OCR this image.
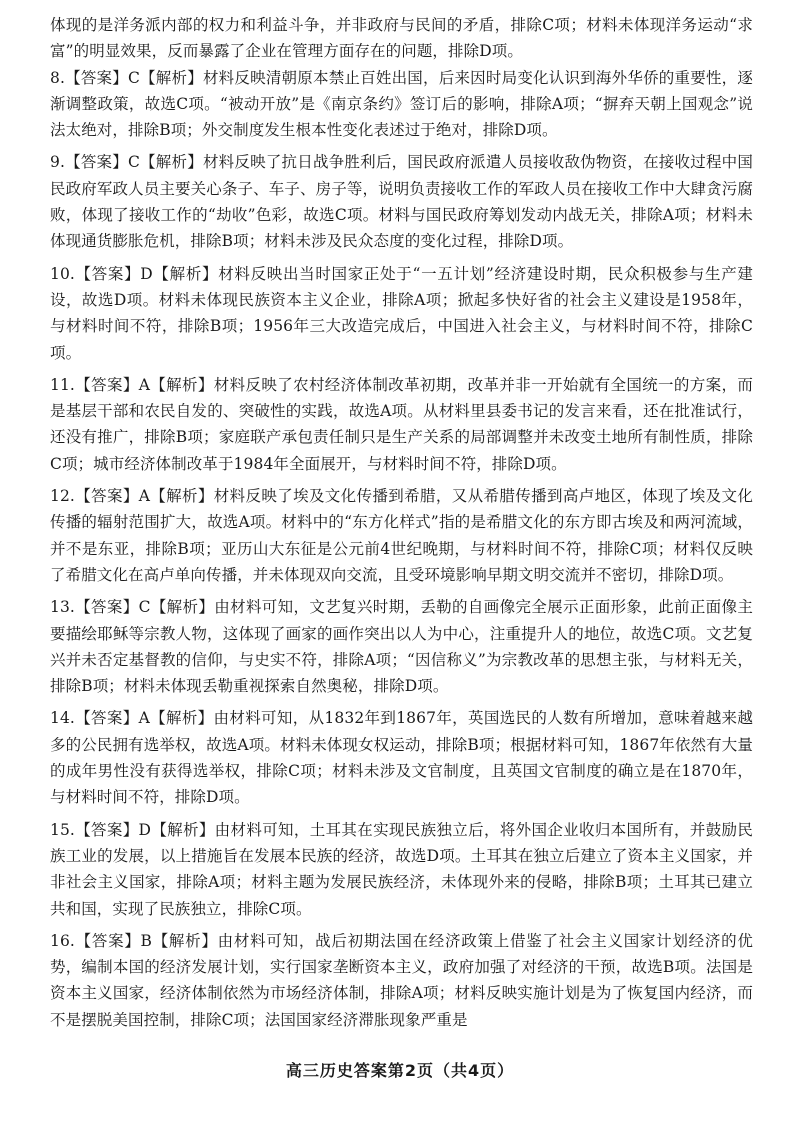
体现的是洋务派内部的权力和利益斗争，并非政府与民间的矛盾，排除C项；材料未体现洋务运动“求富”的明显效果，反而暴露了企业在管理方面存在的问题，排除D项。

8.【答案】C【解析】材料反映清朝原本禁止百姓出国，后来因时局变化认识到海外华侨的重要性，逐渐调整政策，故选C项。“被动开放”是《南京条约》签订后的影响，排除A项；“摒弃天朝上国观念”说法太绝对，排除B项；外交制度发生根本性变化表述过于绝对，排除D项。

9.【答案】C【解析】材料反映了抗日战争胜利后，国民政府派遣人员接收敌伪物资，在接收过程中国民政府军政人员主要关心条子、车子、房子等，说明负责接收工作的军政人员在接收工作中大肆贪污腐败，体现了接收工作的“劫收”色彩，故选C项。材料与国民政府筹划发动内战无关，排除A项；材料未体现通货膨胀危机，排除B项；材料未涉及民众态度的变化过程，排除D项。

10.【答案】D【解析】材料反映出当时国家正处于“一五计划”经济建设时期，民众积极参与生产建设，故选D项。材料未体现民族资本主义企业，排除A项；掀起多快好省的社会主义建设是1958年，与材料时间不符，排除B项；1956年三大改造完成后，中国进入社会主义，与材料时间不符，排除C项。

11.【答案】A【解析】材料反映了农村经济体制改革初期，改革并非一开始就有全国统一的方案，而是基层干部和农民自发的、突破性的实践，故选A项。从材料里县委书记的发言来看，还在批准试行，还没有推广，排除B项；家庭联产承包责任制只是生产关系的局部调整并未改变土地所有制性质，排除C项；城市经济体制改革于1984年全面展开，与材料时间不符，排除D项。

12.【答案】A【解析】材料反映了埃及文化传播到希腊，又从希腊传播到高卢地区，体现了埃及文化传播的辐射范围扩大，故选A项。材料中的“东方化样式”指的是希腊文化的东方即古埃及和两河流域，并不是东亚，排除B项；亚历山大东征是公元前4世纪晚期，与材料时间不符，排除C项；材料仅反映了希腊文化在高卢单向传播，并未体现双向交流，且受环境影响早期文明交流并不密切，排除D项。

13.【答案】C【解析】由材料可知，文艺复兴时期，丢勒的自画像完全展示正面形象，此前正面像主要描绘耶稣等宗教人物，这体现了画家的画作突出以人为中心，注重提升人的地位，故选C项。文艺复兴并未否定基督教的信仰，与史实不符，排除A项；“因信称义”为宗教改革的思想主张，与材料无关，排除B项；材料未体现丢勒重视探索自然奥秘，排除D项。

14.【答案】A【解析】由材料可知，从1832年到1867年，英国选民的人数有所增加，意味着越来越多的公民拥有选举权，故选A项。材料未体现女权运动，排除B项；根据材料可知，1867年依然有大量的成年男性没有获得选举权，排除C项；材料未涉及文官制度，且英国文官制度的确立是在1870年，与材料时间不符，排除D项。

15.【答案】D【解析】由材料可知，土耳其在实现民族独立后，将外国企业收归本国所有，并鼓励民族工业的发展，以上措施旨在发展本民族的经济，故选D项。土耳其在独立后建立了资本主义国家，并非社会主义国家，排除A项；材料主题为发展民族经济，未体现外来的侵略，排除B项；土耳其已建立共和国，实现了民族独立，排除C项。

16.【答案】B【解析】由材料可知，战后初期法国在经济政策上借鉴了社会主义国家计划经济的优势，编制本国的经济发展计划，实行国家垄断资本主义，政府加强了对经济的干预，故选B项。法国是资本主义国家，经济体制依然为市场经济体制，排除A项；材料反映实施计划是为了恢复国内经济，而不是摆脱美国控制，排除C项；法国国家经济滞胀现象严重是

高三历史答案第2页（共4页）
